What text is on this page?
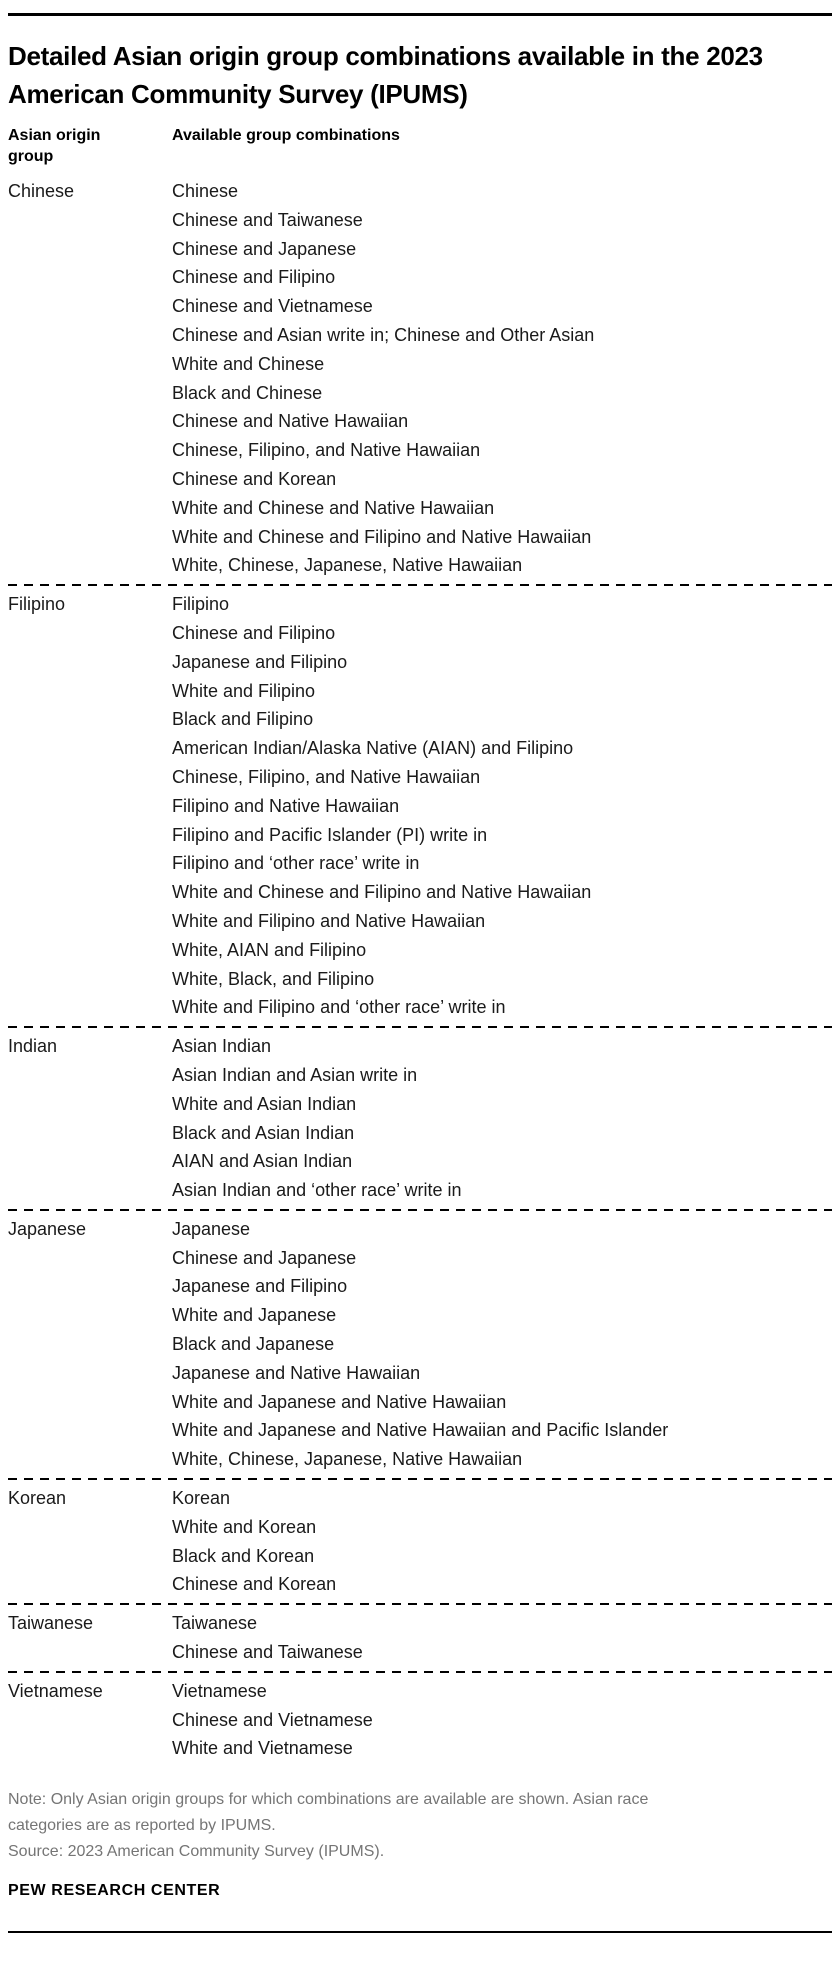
Detailed Asian origin group combinations available in the 2023 American Community Survey (IPUMS)
Asian origin group
Available group combinations
Chinese	Chinese
Chinese and Taiwanese
Chinese and Japanese
Chinese and Filipino
Chinese and Vietnamese
Chinese and Asian write in; Chinese and Other Asian
White and Chinese
Black and Chinese
Chinese and Native Hawaiian
Chinese, Filipino, and Native Hawaiian
Chinese and Korean
White and Chinese and Native Hawaiian
White and Chinese and Filipino and Native Hawaiian
White, Chinese, Japanese, Native Hawaiian
Filipino	Filipino
Chinese and Filipino
Japanese and Filipino
White and Filipino
Black and Filipino
American Indian/Alaska Native (AIAN) and Filipino
Chinese, Filipino, and Native Hawaiian
Filipino and Native Hawaiian
Filipino and Pacific Islander (PI) write in
Filipino and ‘other race’ write in
White and Chinese and Filipino and Native Hawaiian
White and Filipino and Native Hawaiian
White, AIAN and Filipino
White, Black, and Filipino
White and Filipino and ‘other race’ write in
Indian	Asian Indian
Asian Indian and Asian write in
White and Asian Indian
Black and Asian Indian
AIAN and Asian Indian
Asian Indian and ‘other race’ write in
Japanese	Japanese
Chinese and Japanese
Japanese and Filipino
White and Japanese
Black and Japanese
Japanese and Native Hawaiian
White and Japanese and Native Hawaiian
White and Japanese and Native Hawaiian and Pacific Islander
White, Chinese, Japanese, Native Hawaiian
Korean	Korean
White and Korean
Black and Korean
Chinese and Korean
Taiwanese	Taiwanese
Chinese and Taiwanese
Vietnamese	Vietnamese
Chinese and Vietnamese
White and Vietnamese
Note: Only Asian origin groups for which combinations are available are shown. Asian race categories are as reported by IPUMS.
Source: 2023 American Community Survey (IPUMS).
PEW RESEARCH CENTER
